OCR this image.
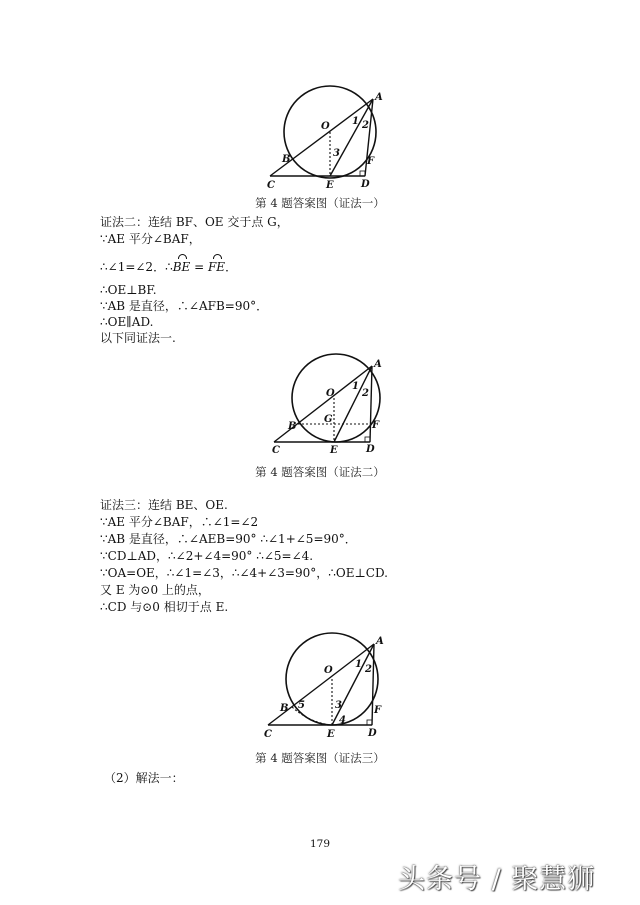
A
B
C	D
E
F
O 1 2
3
第 4 题答案图（证法一）
证法二：连结 BF、OE 交于点 G，
∵AE 平分∠BAF，
∴∠1=∠2．∴BE = FE．
∴OE⊥BF.
∵AB 是直径，∴∠AFB=90°．
∴OE∥AD.
以下同证法一.
A
B
C	D
E
F
O
G
1
2
第 4 题答案图（证法二）
证法三：连结 BE、OE.
∵AE 平分∠BAF，∴∠1=∠2
∵AB 是直径，∴∠AEB=90° ∴∠1+∠5=90°．
∵CD⊥AD，∴∠2+∠4=90° ∴∠5=∠4.
∵OA=OE，∴∠1=∠3，∴∠4+∠3=90°，∴OE⊥CD.
又 E 为⊙0 上的点，
∴CD 与⊙0 相切于点 E.
A
B
C	D
E
F
O
1 2
3
4
5
第 4 题答案图（证法三）
（2）解法一：
179
头条号 / 聚慧狮
